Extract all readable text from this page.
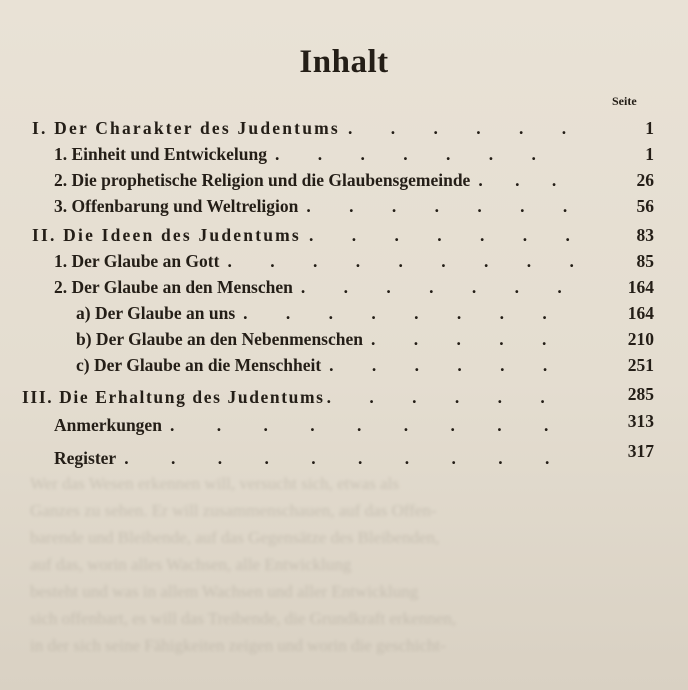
Wer das Wesen erkennen will, versucht sich, etwas als
Ganzes zu sehen. Er will zusammenschauen, auf das Offen-
barende und Bleibende, auf das Gegensätze des Bleibenden,
auf das, worin alles Wachsen, alle Entwicklung
besteht und was in allem Wachsen und aller Entwicklung
sich offenbart, es will das Treibende, die Grundkraft erkennen,
in der sich seine Fähigkeiten zeigen und worin die geschicht-
Inhalt
Seite
I. Der Charakter des Judentums . . . . . .	1
1. Einheit und Entwickelung . . . . . . .	1
2. Die prophetische Religion und die Glaubensgemeinde . . .	26
3. Offenbarung und Weltreligion . . . . . . .	56
II. Die Ideen des Judentums . . . . . . .	83
1. Der Glaube an Gott . . . . . . . . .	85
2. Der Glaube an den Menschen . . . . . . .	164
a) Der Glaube an uns . . . . . . . .	164
b) Der Glaube an den Nebenmenschen . . . . .	210
c) Der Glaube an die Menschheit . . . . . .	251
III. Die Erhaltung des Judentums . . . . . .	285
Anmerkungen . . . . . . . . .	313
Register . . . . . . . . . .	317
